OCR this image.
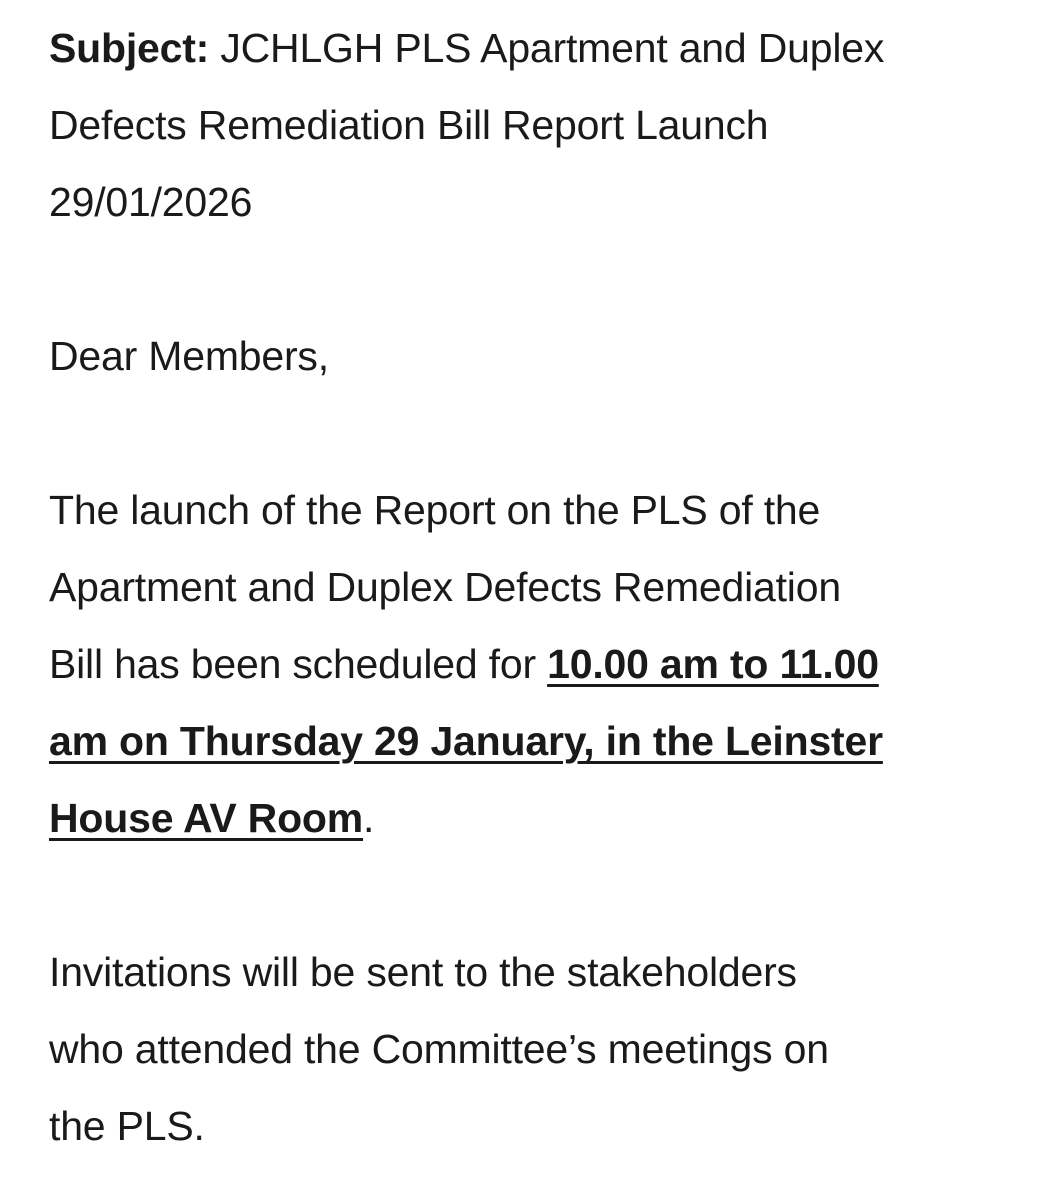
Subject: JCHLGH PLS Apartment and Duplex
Defects Remediation Bill Report Launch
29/01/2026

Dear Members,

The launch of the Report on the PLS of the
Apartment and Duplex Defects Remediation
Bill has been scheduled for 10.00 am to 11.00
am on Thursday 29 January, in the Leinster
House AV Room.

Invitations will be sent to the stakeholders
who attended the Committee’s meetings on
the PLS.
